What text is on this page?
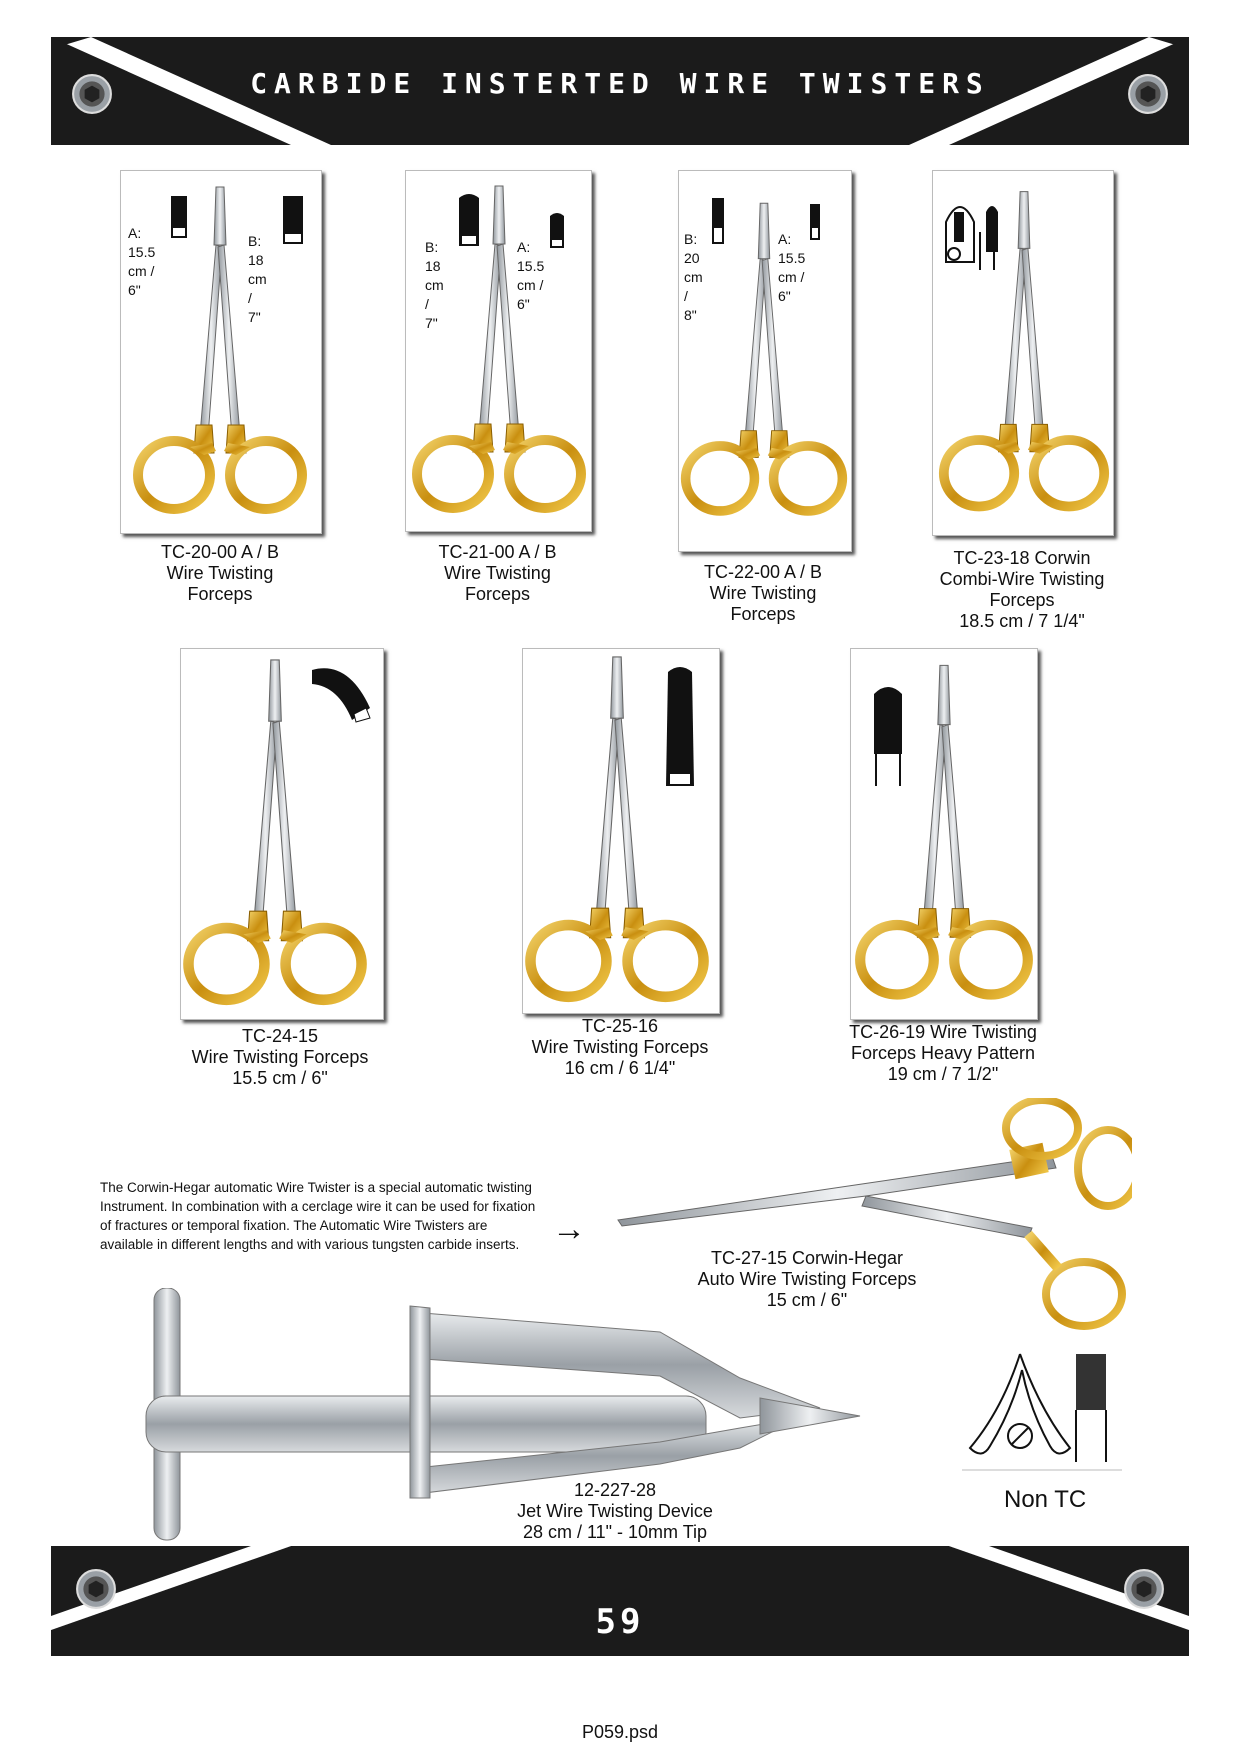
CARBIDE INSTERTED WIRE TWISTERS
A:
15.5 cm /
6"
B:
18 cm /
7"
TC-20-00 A / B
Wire Twisting
Forceps
B:
18 cm /
7"
A:
15.5 cm /
6"
TC-21-00 A / B
Wire Twisting
Forceps
B:
20 cm /
8"
A:
15.5 cm /
6"
TC-22-00 A / B
Wire Twisting
Forceps
TC-23-18 Corwin
Combi-Wire Twisting
Forceps
18.5 cm / 7 1/4"
TC-24-15
Wire Twisting Forceps
15.5 cm / 6"
TC-25-16
Wire Twisting Forceps
16 cm / 6 1/4"
TC-26-19 Wire Twisting
Forceps Heavy Pattern
19 cm / 7 1/2"
The Corwin-Hegar automatic Wire Twister is a special automatic twisting Instrument. In combination with a cerclage wire it can be used for fixation of fractures or temporal fixation. The Automatic Wire Twisters are available in different lengths and with various tungsten carbide inserts. →
TC-27-15 Corwin-Hegar
Auto Wire Twisting Forceps
15 cm / 6"
12-227-28
Jet Wire Twisting Device
28 cm / 11" - 10mm Tip
Non TC
59
P059.psd
